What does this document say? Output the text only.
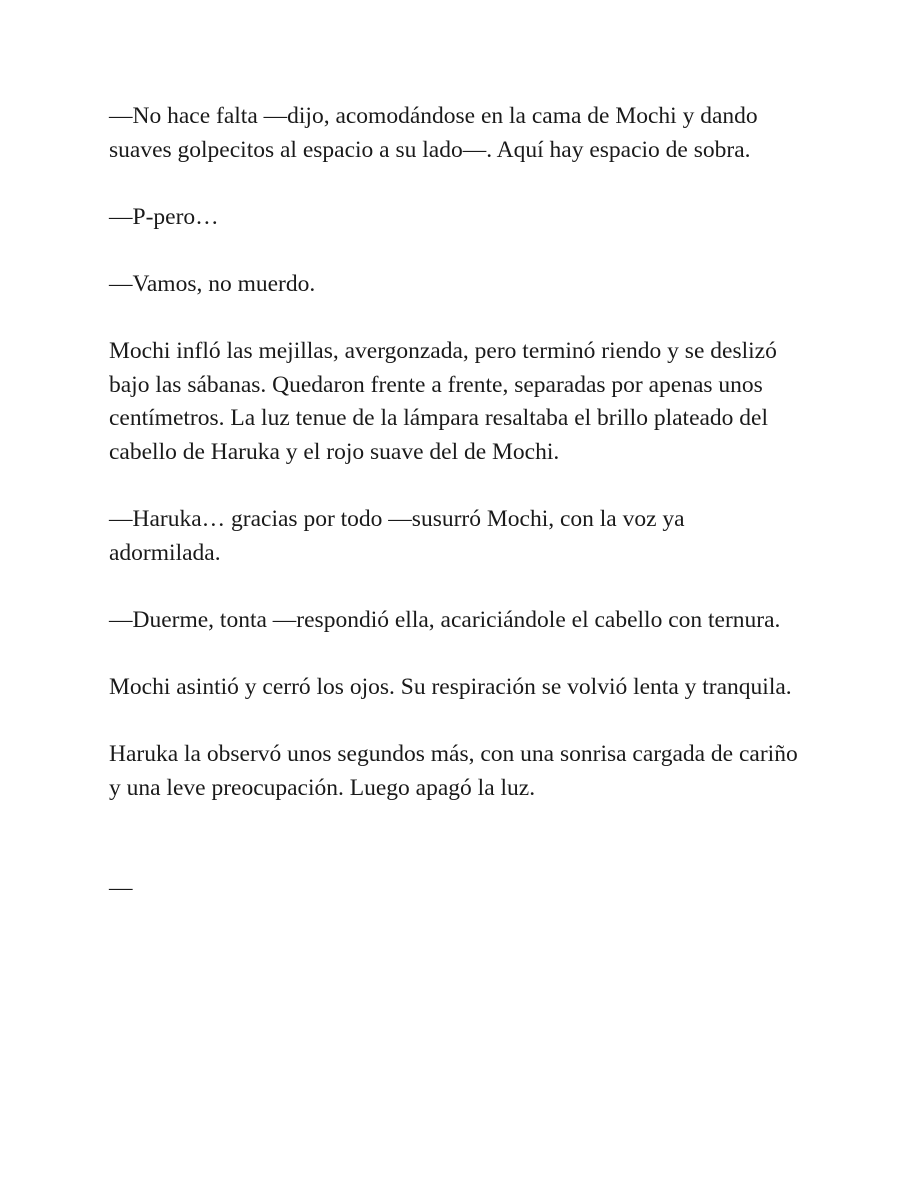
—No hace falta —dijo, acomodándose en la cama de Mochi y dando suaves golpecitos al espacio a su lado—. Aquí hay espacio de sobra.

—P-pero…

—Vamos, no muerdo.

Mochi infló las mejillas, avergonzada, pero terminó riendo y se deslizó bajo las sábanas. Quedaron frente a frente, separadas por apenas unos centímetros. La luz tenue de la lámpara resaltaba el brillo plateado del cabello de Haruka y el rojo suave del de Mochi.

—Haruka… gracias por todo —susurró Mochi, con la voz ya adormilada.

—Duerme, tonta —respondió ella, acariciándole el cabello con ternura.

Mochi asintió y cerró los ojos. Su respiración se volvió lenta y tranquila.

Haruka la observó unos segundos más, con una sonrisa cargada de cariño y una leve preocupación. Luego apagó la luz.

—
